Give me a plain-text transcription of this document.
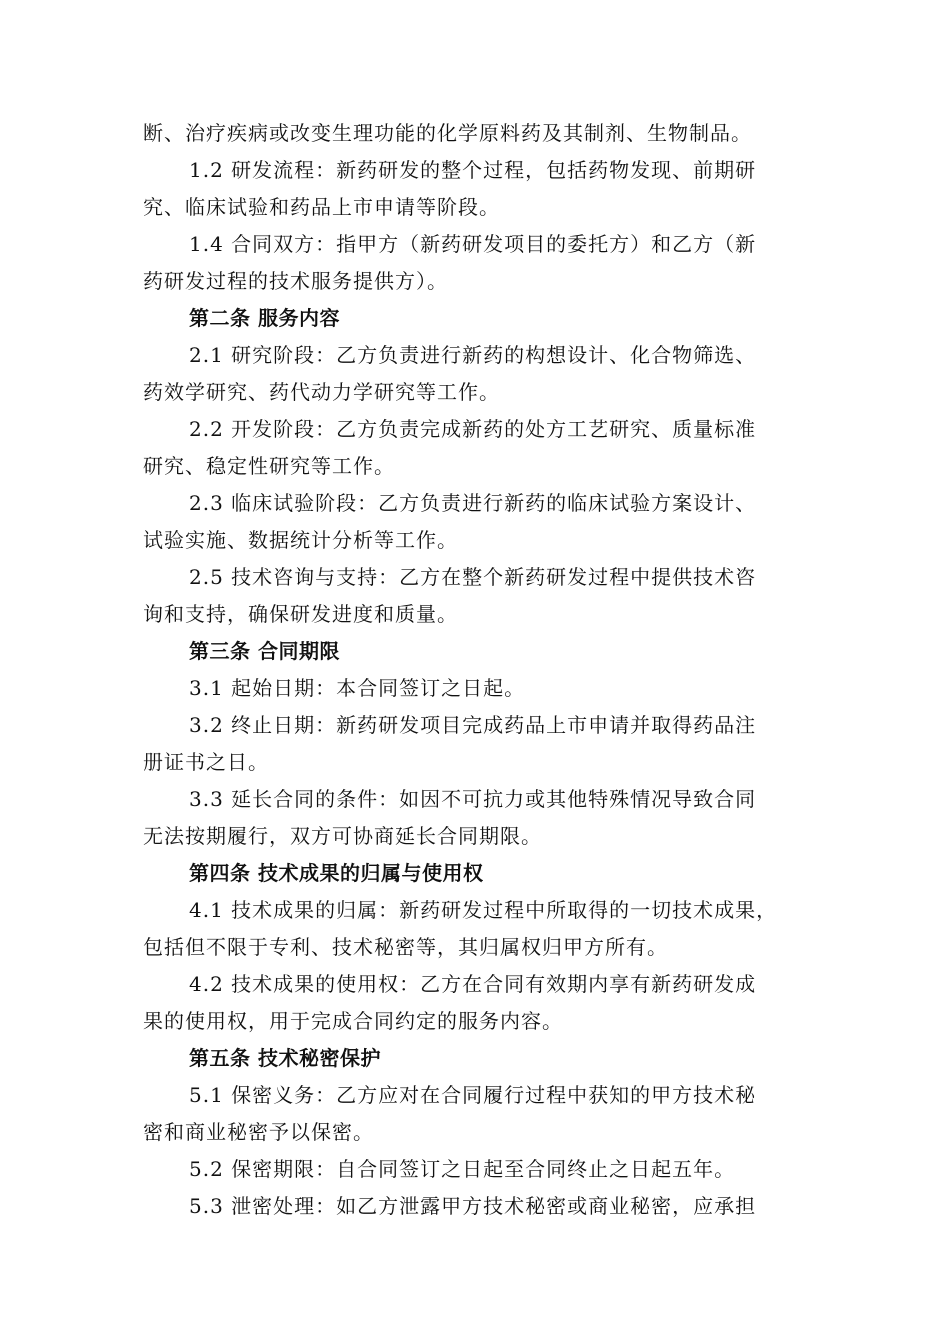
断、治疗疾病或改变生理功能的化学原料药及其制剂、生物制品。
1.2 研发流程：新药研发的整个过程，包括药物发现、前期研
究、临床试验和药品上市申请等阶段。
1.4 合同双方：指甲方（新药研发项目的委托方）和乙方（新
药研发过程的技术服务提供方）。
第二条 服务内容
2.1 研究阶段：乙方负责进行新药的构想设计、化合物筛选、
药效学研究、药代动力学研究等工作。
2.2 开发阶段：乙方负责完成新药的处方工艺研究、质量标准
研究、稳定性研究等工作。
2.3 临床试验阶段：乙方负责进行新药的临床试验方案设计、
试验实施、数据统计分析等工作。
2.5 技术咨询与支持：乙方在整个新药研发过程中提供技术咨
询和支持，确保研发进度和质量。
第三条 合同期限
3.1 起始日期：本合同签订之日起。
3.2 终止日期：新药研发项目完成药品上市申请并取得药品注
册证书之日。
3.3 延长合同的条件：如因不可抗力或其他特殊情况导致合同
无法按期履行，双方可协商延长合同期限。
第四条 技术成果的归属与使用权
4.1 技术成果的归属：新药研发过程中所取得的一切技术成果，
包括但不限于专利、技术秘密等，其归属权归甲方所有。
4.2 技术成果的使用权：乙方在合同有效期内享有新药研发成
果的使用权，用于完成合同约定的服务内容。
第五条 技术秘密保护
5.1 保密义务：乙方应对在合同履行过程中获知的甲方技术秘
密和商业秘密予以保密。
5.2 保密期限：自合同签订之日起至合同终止之日起五年。
5.3 泄密处理：如乙方泄露甲方技术秘密或商业秘密，应承担
